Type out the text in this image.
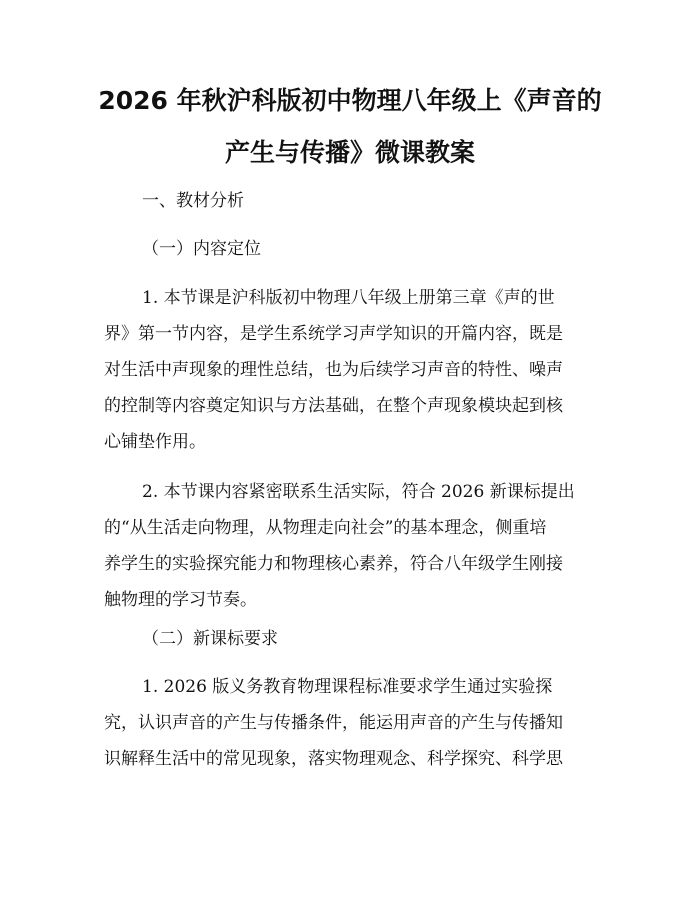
2026 年秋沪科版初中物理八年级上《声音的
产生与传播》微课教案

一、教材分析

（一）内容定位

1. 本节课是沪科版初中物理八年级上册第三章《声的世
界》第一节内容，是学生系统学习声学知识的开篇内容，既是
对生活中声现象的理性总结，也为后续学习声音的特性、噪声
的控制等内容奠定知识与方法基础，在整个声现象模块起到核
心铺垫作用。
2. 本节课内容紧密联系生活实际，符合 2026 新课标提出
的“从生活走向物理，从物理走向社会”的基本理念，侧重培
养学生的实验探究能力和物理核心素养，符合八年级学生刚接
触物理的学习节奏。

（二）新课标要求

1. 2026 版义务教育物理课程标准要求学生通过实验探
究，认识声音的产生与传播条件，能运用声音的产生与传播知
识解释生活中的常见现象，落实物理观念、科学探究、科学思
